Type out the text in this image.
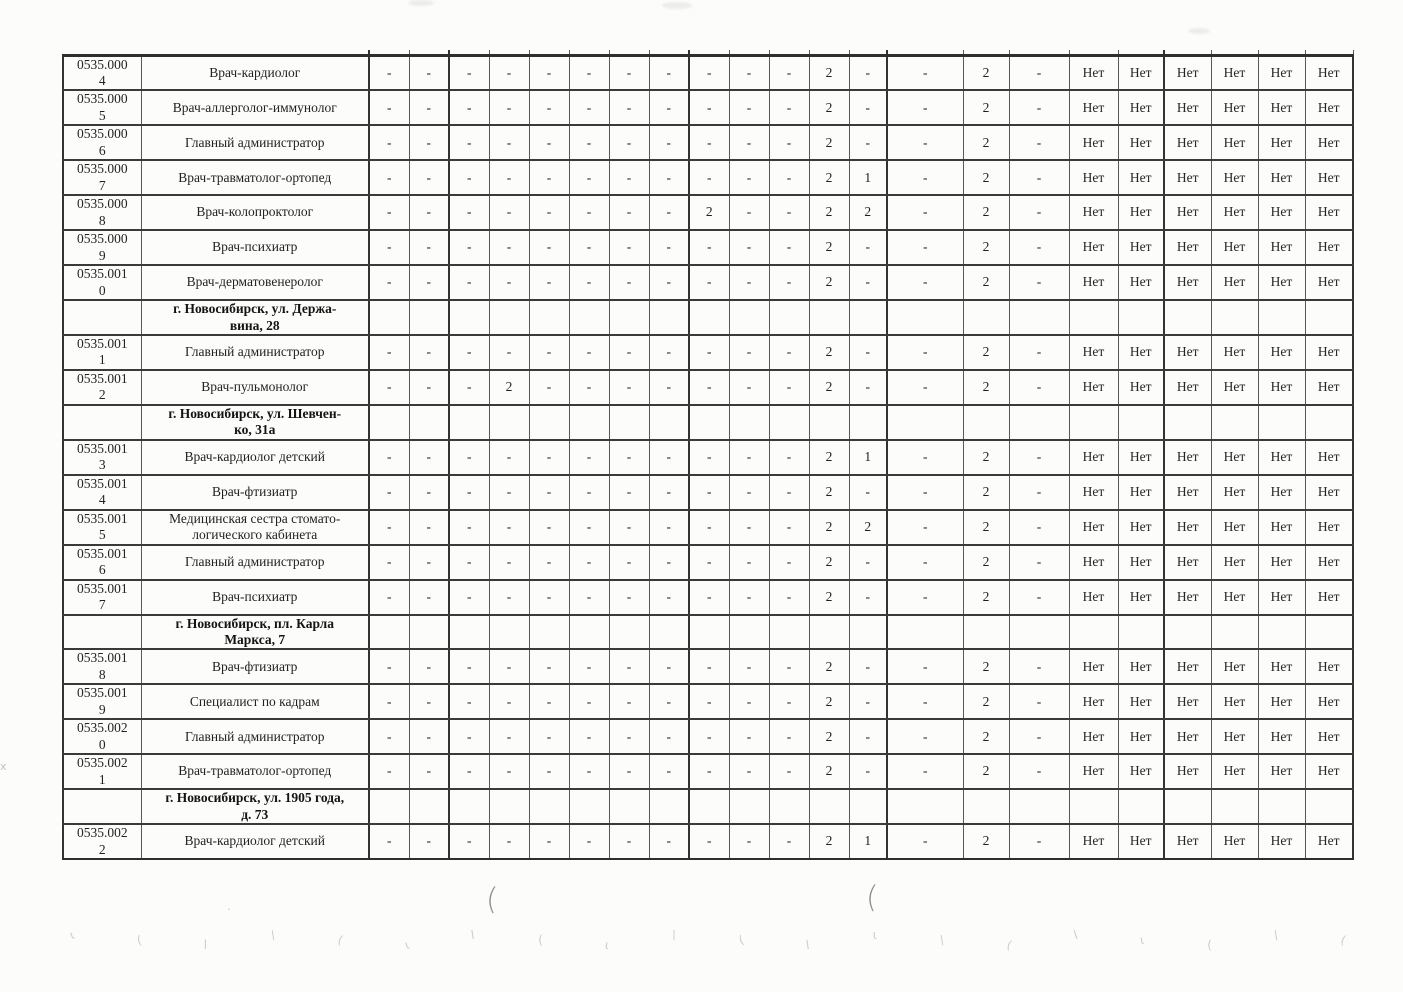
0535.000
4	Врач-кардиолог	-	-	-	-	-	-	-	-	-	-	-	2	-	-	2	-	Нет	Нет	Нет	Нет	Нет	Нет
0535.000
5	Врач-аллерголог-иммунолог	-	-	-	-	-	-	-	-	-	-	-	2	-	-	2	-	Нет	Нет	Нет	Нет	Нет	Нет
0535.000
6	Главный администратор	-	-	-	-	-	-	-	-	-	-	-	2	-	-	2	-	Нет	Нет	Нет	Нет	Нет	Нет
0535.000
7	Врач-травматолог-ортопед	-	-	-	-	-	-	-	-	-	-	-	2	1	-	2	-	Нет	Нет	Нет	Нет	Нет	Нет
0535.000
8	Врач-колопроктолог	-	-	-	-	-	-	-	-	2	-	-	2	2	-	2	-	Нет	Нет	Нет	Нет	Нет	Нет
0535.000
9	Врач-психиатр	-	-	-	-	-	-	-	-	-	-	-	2	-	-	2	-	Нет	Нет	Нет	Нет	Нет	Нет
0535.001
0	Врач-дерматовенеролог	-	-	-	-	-	-	-	-	-	-	-	2	-	-	2	-	Нет	Нет	Нет	Нет	Нет	Нет
	г. Новосибирск, ул. Держа-
вина, 28																						
0535.001
1	Главный администратор	-	-	-	-	-	-	-	-	-	-	-	2	-	-	2	-	Нет	Нет	Нет	Нет	Нет	Нет
0535.001
2	Врач-пульмонолог	-	-	-	2	-	-	-	-	-	-	-	2	-	-	2	-	Нет	Нет	Нет	Нет	Нет	Нет
	г. Новосибирск, ул. Шевчен-
ко, 31а																						
0535.001
3	Врач-кардиолог детский	-	-	-	-	-	-	-	-	-	-	-	2	1	-	2	-	Нет	Нет	Нет	Нет	Нет	Нет
0535.001
4	Врач-фтизиатр	-	-	-	-	-	-	-	-	-	-	-	2	-	-	2	-	Нет	Нет	Нет	Нет	Нет	Нет
0535.001
5	Медицинская сестра стомато-
логического кабинета	-	-	-	-	-	-	-	-	-	-	-	2	2	-	2	-	Нет	Нет	Нет	Нет	Нет	Нет
0535.001
6	Главный администратор	-	-	-	-	-	-	-	-	-	-	-	2	-	-	2	-	Нет	Нет	Нет	Нет	Нет	Нет
0535.001
7	Врач-психиатр	-	-	-	-	-	-	-	-	-	-	-	2	-	-	2	-	Нет	Нет	Нет	Нет	Нет	Нет
	г. Новосибирск, пл. Карла
Маркса, 7																						
0535.001
8	Врач-фтизиатр	-	-	-	-	-	-	-	-	-	-	-	2	-	-	2	-	Нет	Нет	Нет	Нет	Нет	Нет
0535.001
9	Специалист по кадрам	-	-	-	-	-	-	-	-	-	-	-	2	-	-	2	-	Нет	Нет	Нет	Нет	Нет	Нет
0535.002
0	Главный администратор	-	-	-	-	-	-	-	-	-	-	-	2	-	-	2	-	Нет	Нет	Нет	Нет	Нет	Нет
0535.002
1	Врач-травматолог-ортопед	-	-	-	-	-	-	-	-	-	-	-	2	-	-	2	-	Нет	Нет	Нет	Нет	Нет	Нет
	г. Новосибирск, ул. 1905 года,
д. 73																						
0535.002
2	Врач-кардиолог детский	-	-	-	-	-	-	-	-	-	-	-	2	1	-	2	-	Нет	Нет	Нет	Нет	Нет	Нет
(	(
х
.
ι	(	l
\	(	ι
l	(	ι
\	(	l
ι	\	(
l	ι	(
\	(
